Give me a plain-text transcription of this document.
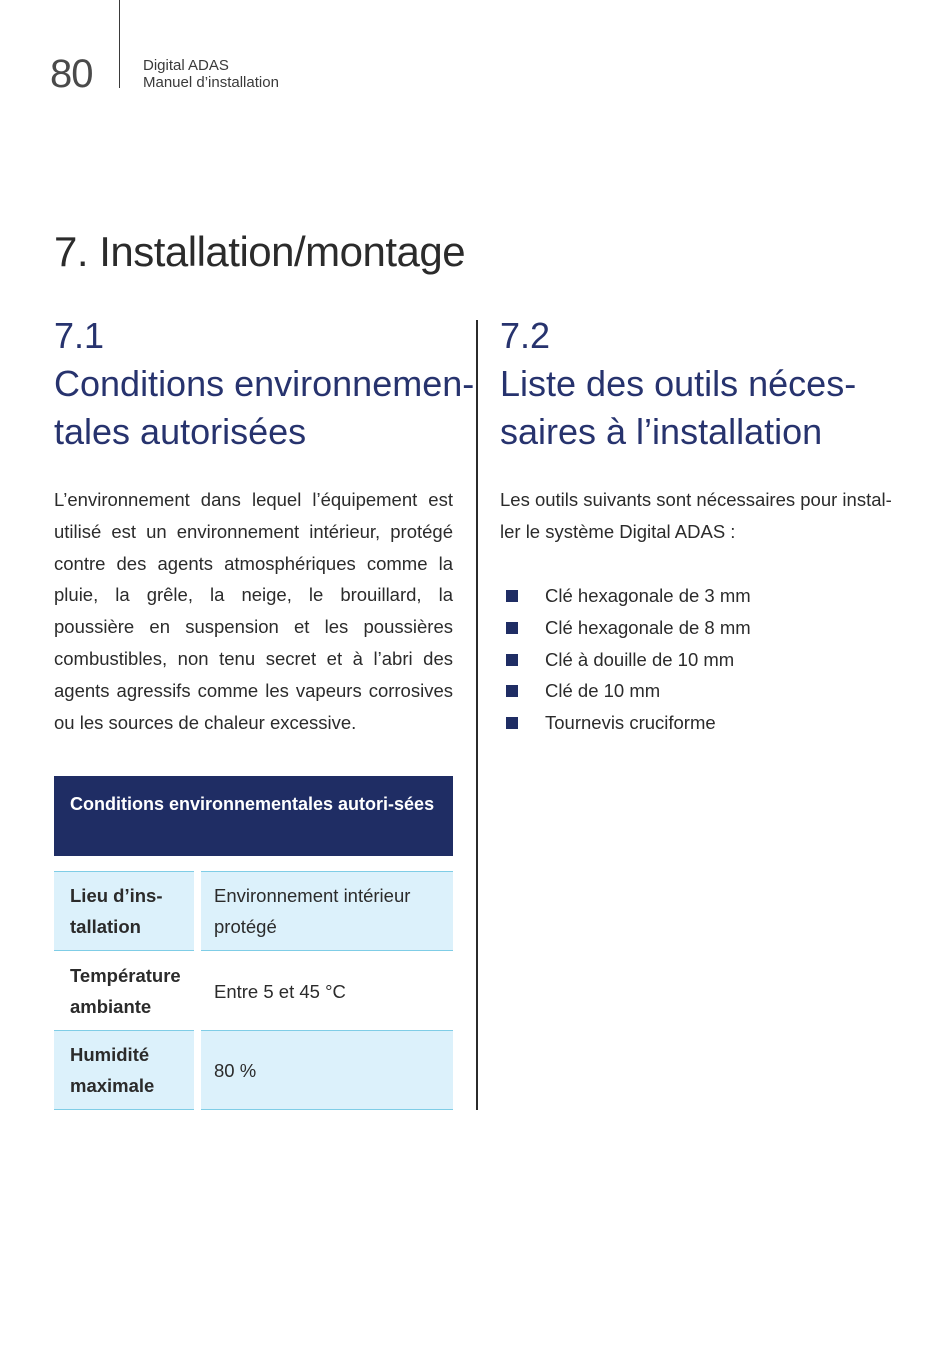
80	Digital ADAS
Manuel d’installation
7. Installation/montage
7.1
Conditions environnemen-
tales autorisées
L’environnement dans lequel l’équipement est utilisé est un environnement intérieur, protégé contre des agents atmosphériques comme la pluie, la grêle, la neige, le brouillard, la poussière en suspension et les poussières combustibles, non tenu secret et à l’abri des agents agressifs comme les vapeurs corrosives ou les sources de chaleur excessive.
Conditions environnementales autori-sées
Lieu d’ins-tallation
Environnement intérieur protégé
Température ambiante
Entre 5 et 45 °C
Humidité maximale
80 %
7.2
Liste des outils néces-
saires à l’installation
Les outils suivants sont nécessaires pour instal-ler le système Digital ADAS :
Clé hexagonale de 3 mm
Clé hexagonale de 8 mm
Clé à douille de 10 mm
Clé de 10 mm
Tournevis cruciforme
